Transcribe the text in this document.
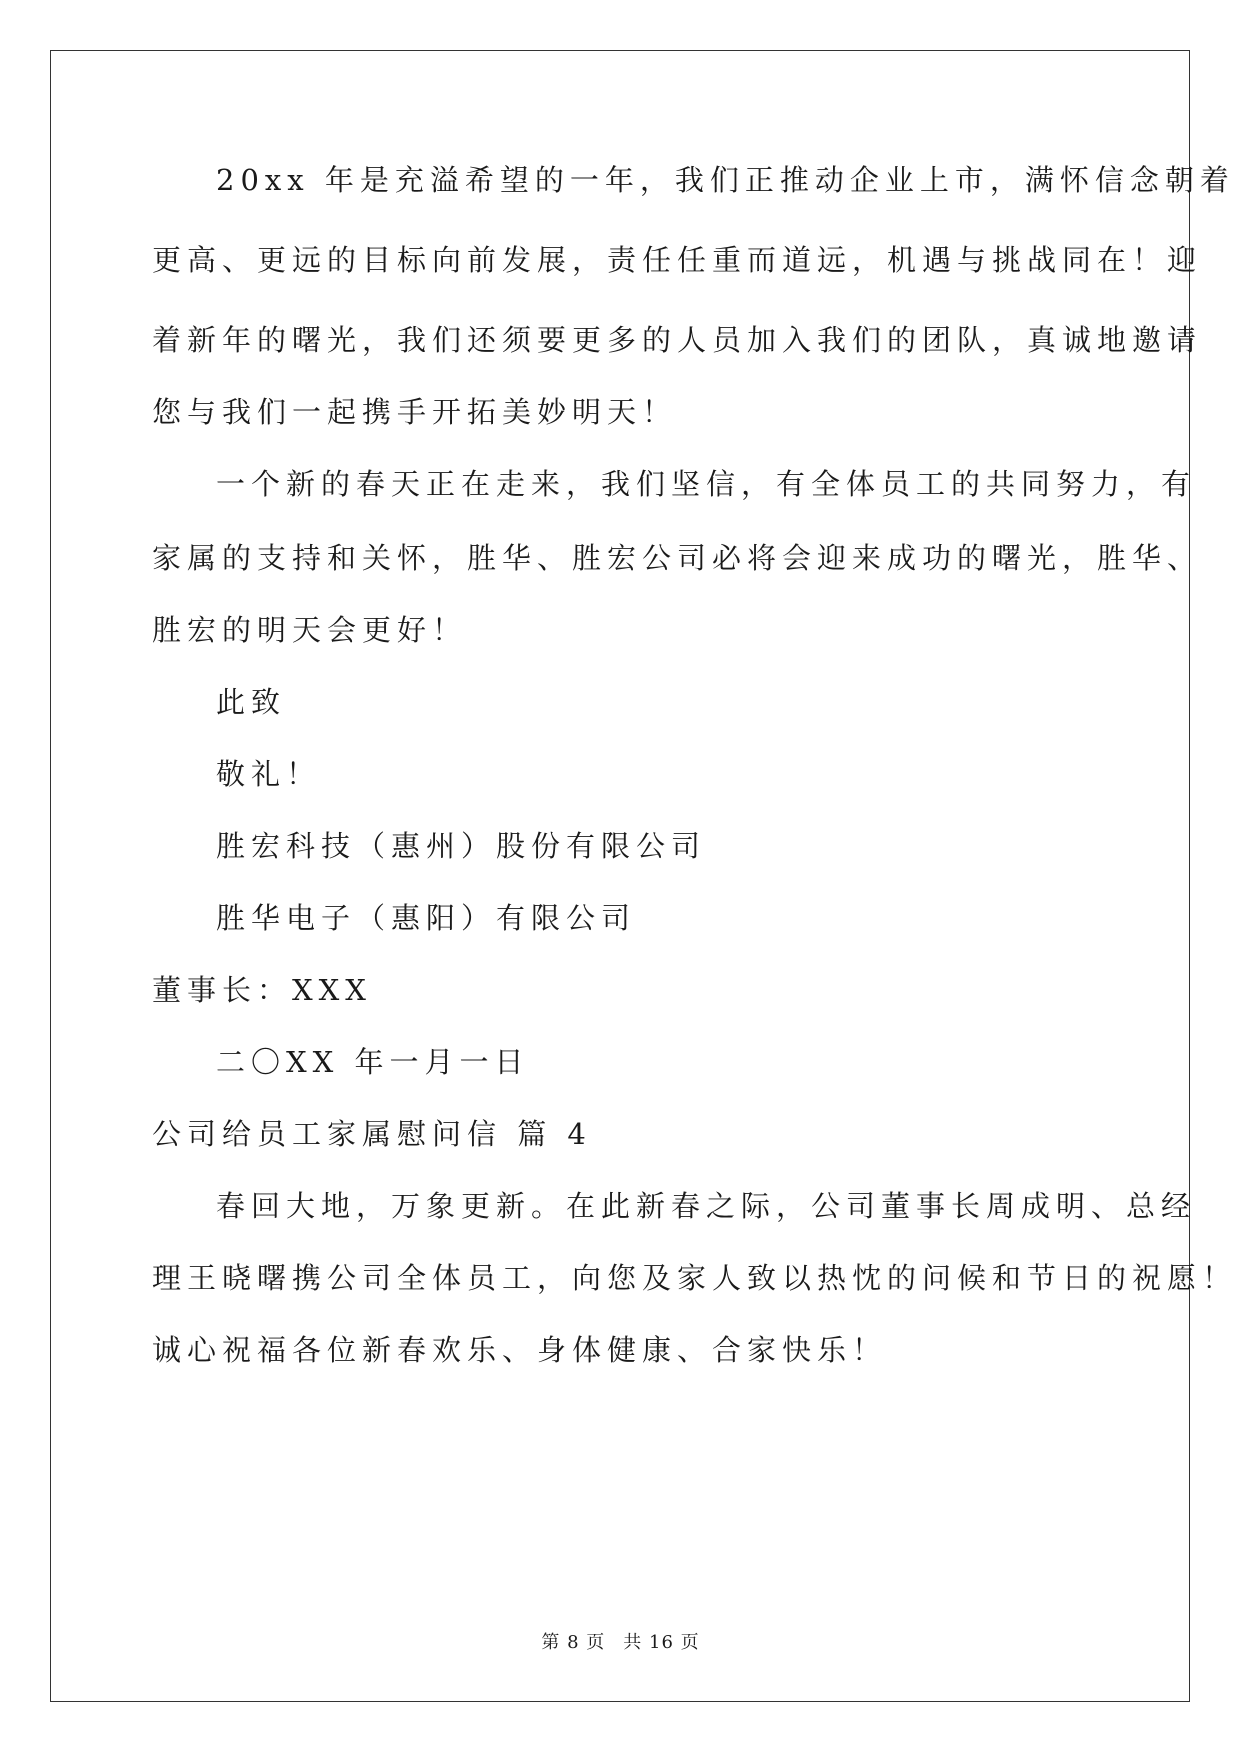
20xx 年是充溢希望的一年，我们正推动企业上市，满怀信念朝着
更高、更远的目标向前发展，责任任重而道远，机遇与挑战同在！迎
着新年的曙光，我们还须要更多的人员加入我们的团队，真诚地邀请
您与我们一起携手开拓美妙明天！
一个新的春天正在走来，我们坚信，有全体员工的共同努力，有
家属的支持和关怀，胜华、胜宏公司必将会迎来成功的曙光，胜华、
胜宏的明天会更好！
此致
敬礼！
胜宏科技（惠州）股份有限公司
胜华电子（惠阳）有限公司
董事长：XXX
二〇XX 年一月一日
公司给员工家属慰问信 篇 4
春回大地，万象更新。在此新春之际，公司董事长周成明、总经
理王晓曙携公司全体员工，向您及家人致以热忱的问候和节日的祝愿！
诚心祝福各位新春欢乐、身体健康、合家快乐！
第 8 页 共 16 页
